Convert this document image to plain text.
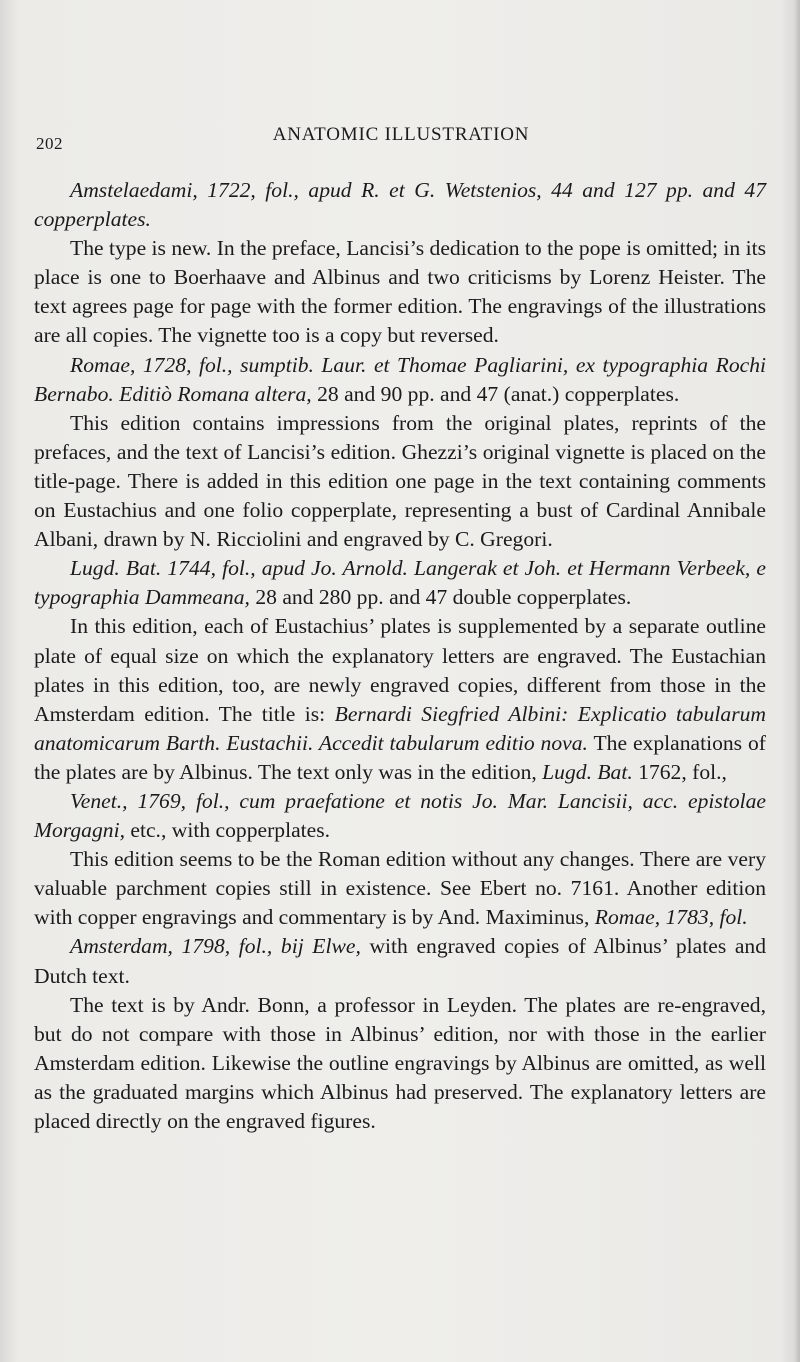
202	ANATOMIC ILLUSTRATION

Amstelaedami, 1722, fol., apud R. et G. Wetstenios, 44 and 127 pp. and 47 copperplates.

The type is new. In the preface, Lancisi’s dedication to the pope is omitted; in its place is one to Boerhaave and Albinus and two criticisms by Lorenz Heister. The text agrees page for page with the former edition. The engravings of the illustrations are all copies. The vignette too is a copy but reversed.

Romae, 1728, fol., sumptib. Laur. et Thomae Pagliarini, ex typographia Rochi Bernabo. Editiò Romana altera, 28 and 90 pp. and 47 (anat.) copperplates.

This edition contains impressions from the original plates, reprints of the prefaces, and the text of Lancisi’s edition. Ghezzi’s original vignette is placed on the title-page. There is added in this edition one page in the text containing comments on Eustachius and one folio copperplate, representing a bust of Cardinal Annibale Albani, drawn by N. Ricciolini and engraved by C. Gregori.

Lugd. Bat. 1744, fol., apud Jo. Arnold. Langerak et Joh. et Hermann Verbeek, e typographia Dammeana, 28 and 280 pp. and 47 double copperplates.

In this edition, each of Eustachius’ plates is supplemented by a separate outline plate of equal size on which the explanatory letters are engraved. The Eustachian plates in this edition, too, are newly engraved copies, different from those in the Amsterdam edition. The title is: Bernardi Siegfried Albini: Explicatio tabularum anatomicarum Barth. Eustachii. Accedit tabularum editio nova. The explanations of the plates are by Albinus. The text only was in the edition, Lugd. Bat. 1762, fol.,

Venet., 1769, fol., cum praefatione et notis Jo. Mar. Lancisii, acc. epistolae Morgagni, etc., with copperplates.

This edition seems to be the Roman edition without any changes. There are very valuable parchment copies still in existence. See Ebert no. 7161. Another edition with copper engravings and commentary is by And. Maximinus, Romae, 1783, fol.

Amsterdam, 1798, fol., bij Elwe, with engraved copies of Albinus’ plates and Dutch text.

The text is by Andr. Bonn, a professor in Leyden. The plates are re-engraved, but do not compare with those in Albinus’ edition, nor with those in the earlier Amsterdam edition. Likewise the outline engravings by Albinus are omitted, as well as the graduated margins which Albinus had preserved. The explanatory letters are placed directly on the engraved figures.
